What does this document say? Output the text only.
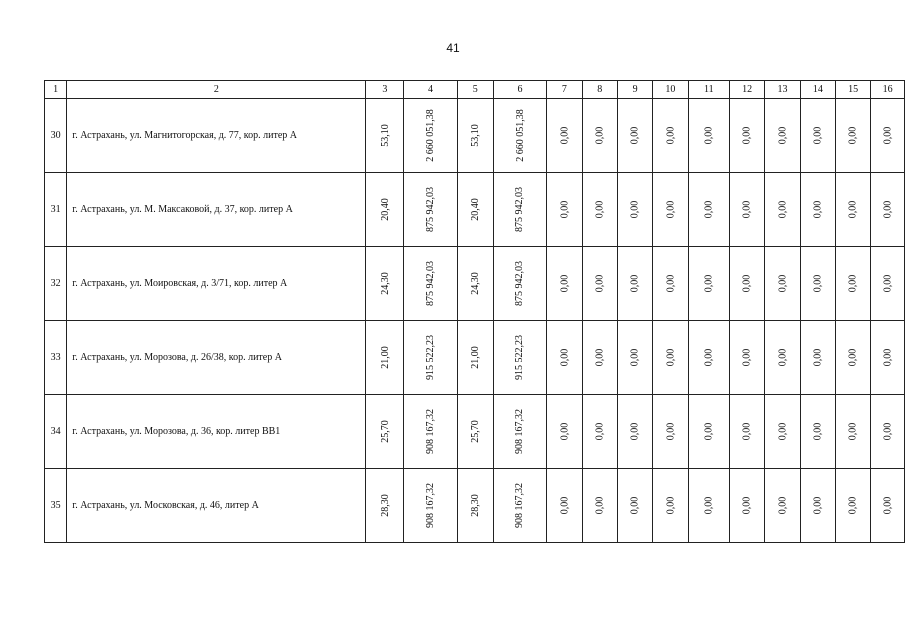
41
1	2	3	4	5	6	7	8	9	10	11	12	13	14	15	16
30	г. Астрахань, ул. Магнитогорская, д. 77, кор. литер А	53,10	2 660 051,38	53,10	2 660 051,38	0,00	0,00	0,00	0,00	0,00	0,00	0,00	0,00	0,00	0,00
31	г. Астрахань, ул. М. Максаковой, д. 37, кор. литер А	20,40	875 942,03	20,40	875 942,03	0,00	0,00	0,00	0,00	0,00	0,00	0,00	0,00	0,00	0,00
32	г. Астрахань, ул. Моировская, д. 3/71, кор. литер А	24,30	875 942,03	24,30	875 942,03	0,00	0,00	0,00	0,00	0,00	0,00	0,00	0,00	0,00	0,00
33	г. Астрахань, ул. Морозова, д. 26/38, кор. литер А	21,00	915 522,23	21,00	915 522,23	0,00	0,00	0,00	0,00	0,00	0,00	0,00	0,00	0,00	0,00
34	г. Астрахань, ул. Морозова, д. 36, кор. литер ВВ1	25,70	908 167,32	25,70	908 167,32	0,00	0,00	0,00	0,00	0,00	0,00	0,00	0,00	0,00	0,00
35	г. Астрахань, ул. Московская, д. 46, литер А	28,30	908 167,32	28,30	908 167,32	0,00	0,00	0,00	0,00	0,00	0,00	0,00	0,00	0,00	0,00
